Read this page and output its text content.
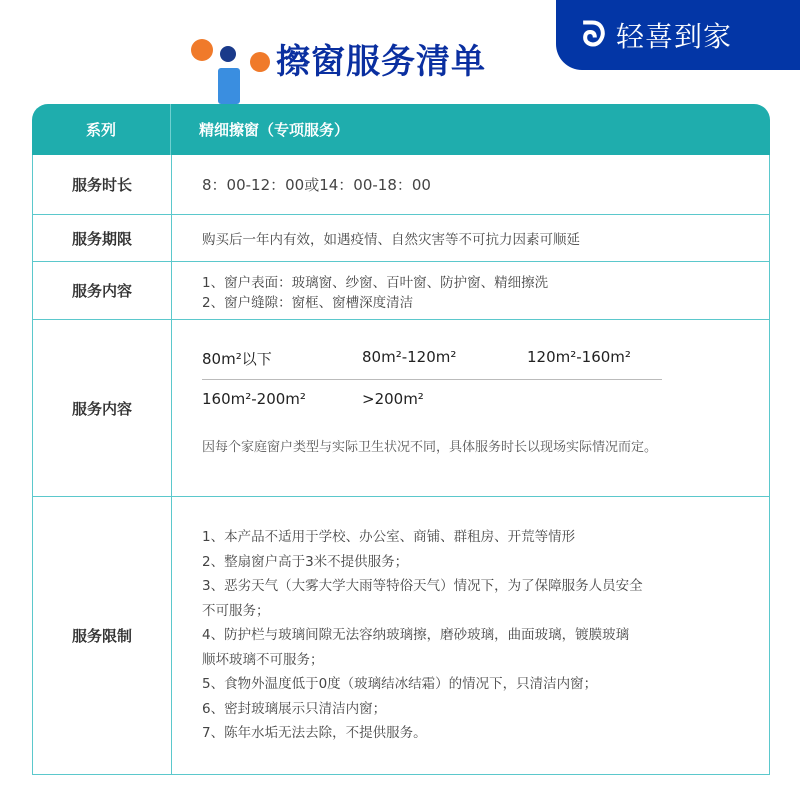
ᘐ 轻喜到家
擦窗服务清单
系列	精细擦窗（专项服务）
服务时长	8：00-12：00或14：00-18：00
服务期限	购买后一年内有效，如遇疫情、自然灾害等不可抗力因素可顺延
服务内容	1、窗户表面：玻璃窗、纱窗、百叶窗、防护窗、精细擦洗
2、窗户缝隙：窗框、窗槽深度清洁
服务内容
80m²以下	80m²-120m²	120m²-160m²
160m²-200m²	>200m²
因每个家庭窗户类型与实际卫生状况不同，具体服务时长以现场实际情况而定。
服务限制
1、本产品不适用于学校、办公室、商铺、群租房、开荒等情形
2、整扇窗户高于3米不提供服务；
3、恶劣天气（大雾大学大雨等特俗天气）情况下，为了保障服务人员安全
不可服务；
4、防护栏与玻璃间隙无法容纳玻璃擦，磨砂玻璃，曲面玻璃，镀膜玻璃
顺坏玻璃不可服务；
5、食物外温度低于0度（玻璃结冰结霜）的情况下，只清洁内窗；
6、密封玻璃展示只清洁内窗；
7、陈年水垢无法去除，不提供服务。
